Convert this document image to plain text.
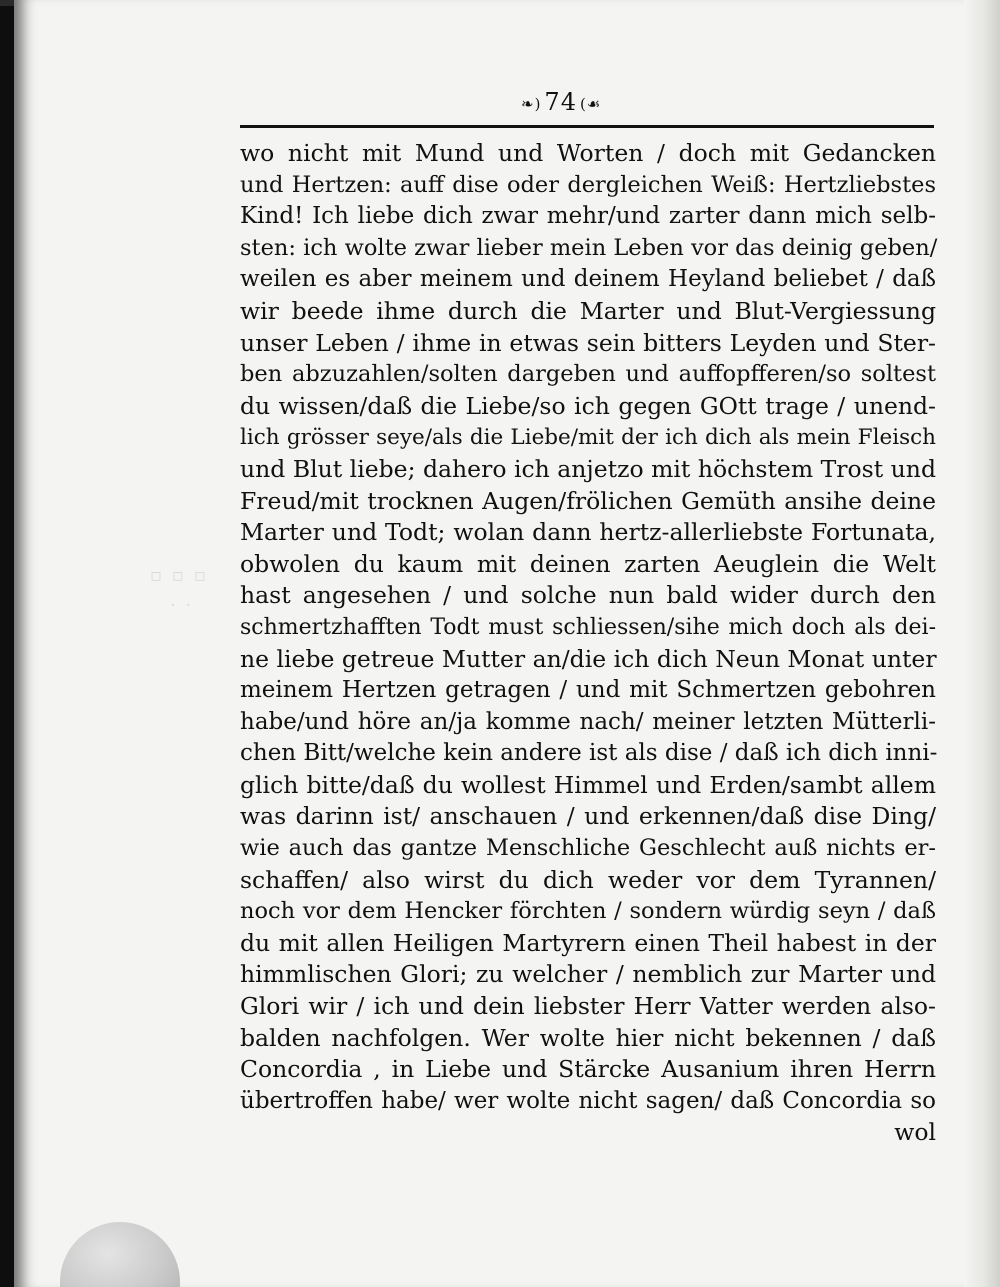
▫ ▫ ▫
· ·
❧) 74 (☙
wo nicht mit Mund und Worten / doch mit Gedancken
und Hertzen: auff dise oder dergleichen Weiß: Hertzliebstes
Kind! Ich liebe dich zwar mehr/und zarter dann mich selb-
sten: ich wolte zwar lieber mein Leben vor das deinig geben/
weilen es aber meinem und deinem Heyland beliebet / daß
wir beede ihme durch die Marter und Blut-Vergiessung
unser Leben / ihme in etwas sein bitters Leyden und Ster-
ben abzuzahlen/solten dargeben und auffopfferen/so soltest
du wissen/daß die Liebe/so ich gegen GOtt trage / unend-
lich grösser seye/als die Liebe/mit der ich dich als mein Fleisch
und Blut liebe; dahero ich anjetzo mit höchstem Trost und
Freud/mit trocknen Augen/frölichen Gemüth ansihe deine
Marter und Todt; wolan dann hertz-allerliebste Fortunata,
obwolen du kaum mit deinen zarten Aeuglein die Welt
hast angesehen / und solche nun bald wider durch den
schmertzhafften Todt must schliessen/sihe mich doch als dei-
ne liebe getreue Mutter an/die ich dich Neun Monat unter
meinem Hertzen getragen / und mit Schmertzen gebohren
habe/und höre an/ja komme nach/ meiner letzten Mütterli-
chen Bitt/welche kein andere ist als dise / daß ich dich inni-
glich bitte/daß du wollest Himmel und Erden/sambt allem
was darinn ist/ anschauen / und erkennen/daß dise Ding/
wie auch das gantze Menschliche Geschlecht auß nichts er-
schaffen/ also wirst du dich weder vor dem Tyrannen/
noch vor dem Hencker förchten / sondern würdig seyn / daß
du mit allen Heiligen Martyrern einen Theil habest in der
himmlischen Glori; zu welcher / nemblich zur Marter und
Glori wir / ich und dein liebster Herr Vatter werden also-
balden nachfolgen. Wer wolte hier nicht bekennen / daß
Concordia , in Liebe und Stärcke Ausanium ihren Herrn
übertroffen habe/ wer wolte nicht sagen/ daß Concordia so
wol
